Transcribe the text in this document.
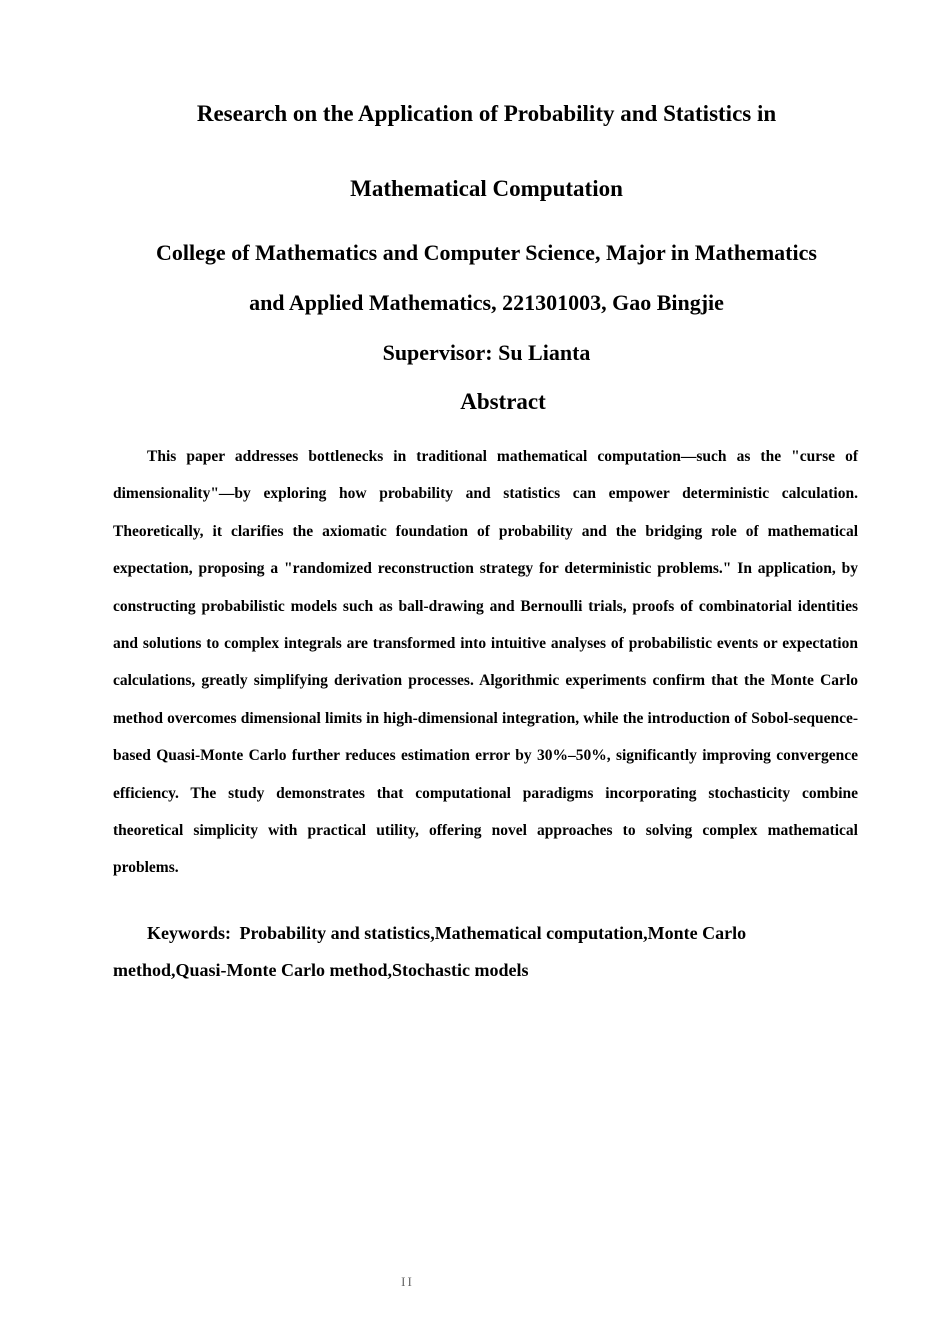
Research on the Application of Probability and Statistics in
Mathematical Computation
College of Mathematics and Computer Science, Major in Mathematics
and Applied Mathematics, 221301003, Gao Bingjie
Supervisor: Su Lianta
Abstract

This paper addresses bottlenecks in traditional mathematical computation—such as the "curse of dimensionality"—by exploring how probability and statistics can empower deterministic calculation. Theoretically, it clarifies the axiomatic foundation of probability and the bridging role of mathematical expectation, proposing a "randomized reconstruction strategy for deterministic problems." In application, by constructing probabilistic models such as ball-drawing and Bernoulli trials, proofs of combinatorial identities and solutions to complex integrals are transformed into intuitive analyses of probabilistic events or expectation calculations, greatly simplifying derivation processes. Algorithmic experiments confirm that the Monte Carlo method overcomes dimensional limits in high-dimensional integration, while the introduction of Sobol-sequence-based Quasi-Monte Carlo further reduces estimation error by 30%–50%, significantly improving convergence efficiency. The study demonstrates that computational paradigms incorporating stochasticity combine theoretical simplicity with practical utility, offering novel approaches to solving complex mathematical problems.

Keywords: Probability and statistics,Mathematical computation,Monte Carlo method,Quasi-Monte Carlo method,Stochastic models

II
